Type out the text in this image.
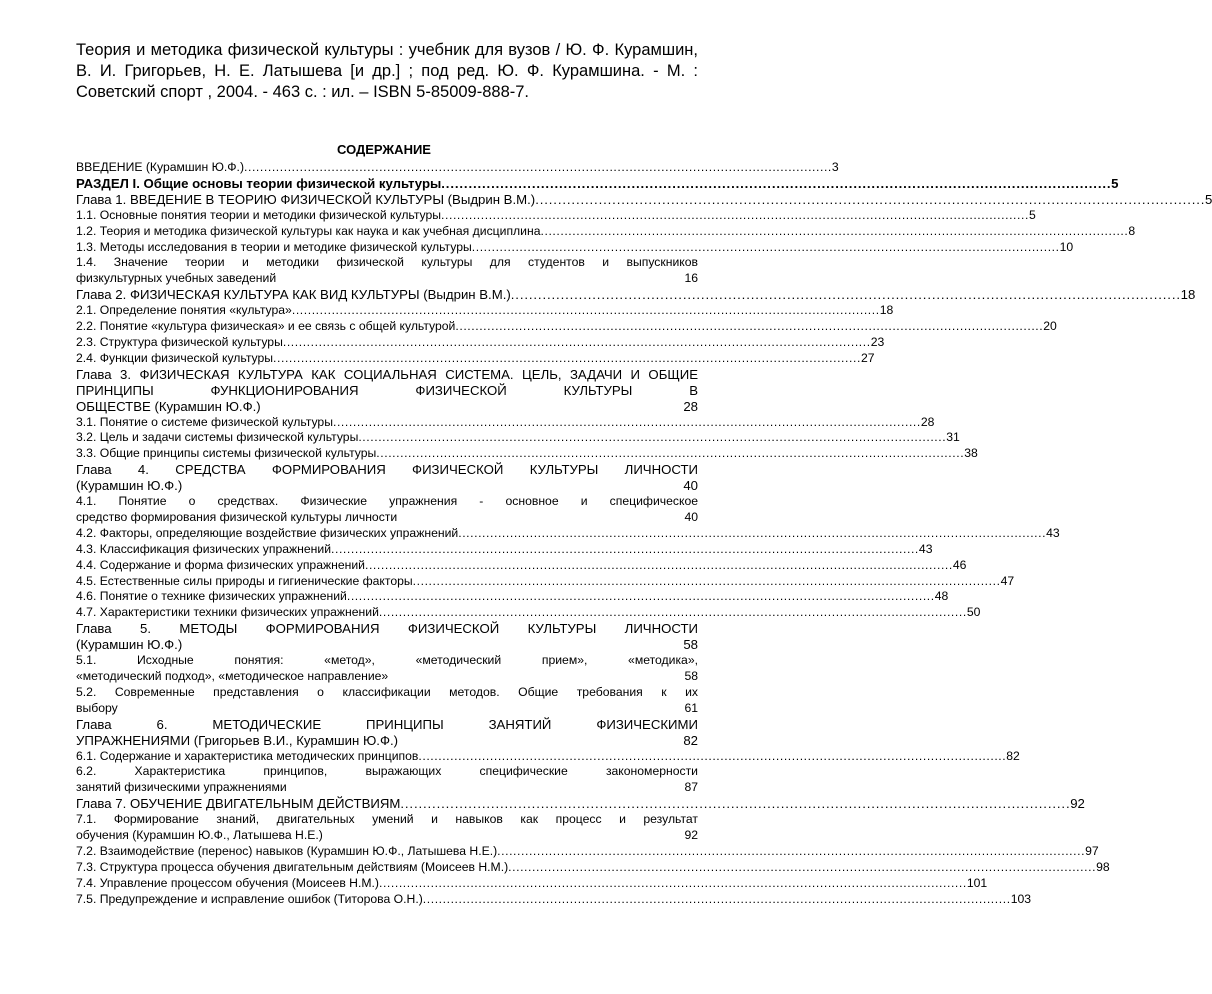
Теория и методика физической культуры : учебник для вузов / Ю. Ф. Курамшин, В. И. Григорьев, Н. Е. Латышева [и др.] ; под ред. Ю. Ф. Курамшина. - М. : Советский спорт , 2004. - 463 с. : ил. – ISBN 5-85009-888-7.

СОДЕРЖАНИЕ

ВВЕДЕНИЕ (Курамшин Ю.Ф.) . . .	3
РАЗДЕЛ I. Общие основы теории физической культуры . . .	5
Глава 1. ВВЕДЕНИЕ В ТЕОРИЮ ФИЗИЧЕСКОЙ КУЛЬТУРЫ (Выдрин В.М.) . . .	5
1.1. Основные понятия теории и методики физической культуры . . .	5
1.2. Теория и методика физической культуры как наука и как учебная дисциплина . . .	8
1.3. Методы исследования в теории и методике физической культуры . . .	10
1.4. Значение теории и методики физической культуры для студентов и выпускников
физкультурных учебных заведений	16
Глава 2. ФИЗИЧЕСКАЯ КУЛЬТУРА КАК ВИД КУЛЬТУРЫ (Выдрин В.М.) . . .	18
2.1. Определение понятия «культура» . . .	18
2.2. Понятие «культура физическая» и ее связь с общей культурой . . .	20
2.3. Структура физической культуры . . .	23
2.4. Функции физической культуры . . .	27
Глава 3. ФИЗИЧЕСКАЯ КУЛЬТУРА КАК СОЦИАЛЬНАЯ СИСТЕМА. ЦЕЛЬ, ЗАДАЧИ И ОБЩИЕ ПРИНЦИПЫ ФУНКЦИОНИРОВАНИЯ ФИЗИЧЕСКОЙ КУЛЬТУРЫ В
ОБЩЕСТВЕ (Курамшин Ю.Ф.)	28
3.1. Понятие о системе физической культуры . . .	28
3.2. Цель и задачи системы физической культуры . . .	31
3.3. Общие принципы системы физической культуры . . .	38
Глава 4. СРЕДСТВА ФОРМИРОВАНИЯ ФИЗИЧЕСКОЙ КУЛЬТУРЫ ЛИЧНОСТИ
(Курамшин Ю.Ф.)	40
4.1. Понятие о средствах. Физические упражнения - основное и специфическое
средство формирования физической культуры личности	40
4.2. Факторы, определяющие воздействие физических упражнений . . .	43
4.3. Классификация физических упражнений . . .	43
4.4. Содержание и форма физических упражнений . . .	46
4.5. Естественные силы природы и гигиенические факторы . . .	47
4.6. Понятие о технике физических упражнений . . .	48
4.7. Характеристики техники физических упражнений . . .	50
Глава 5. МЕТОДЫ ФОРМИРОВАНИЯ ФИЗИЧЕСКОЙ КУЛЬТУРЫ ЛИЧНОСТИ
(Курамшин Ю.Ф.)	58
5.1. Исходные понятия: «метод», «методический прием», «методика»,
«методический подход», «методическое направление»	58
5.2. Современные представления о классификации методов. Общие требования к их
выбору	61
Глава 6. МЕТОДИЧЕСКИЕ ПРИНЦИПЫ ЗАНЯТИЙ ФИЗИЧЕСКИМИ
УПРАЖНЕНИЯМИ (Григорьев В.И., Курамшин Ю.Ф.)	82
6.1. Содержание и характеристика методических принципов . . .	82
6.2. Характеристика принципов, выражающих специфические закономерности
занятий физическими упражнениями	87
Глава 7. ОБУЧЕНИЕ ДВИГАТЕЛЬНЫМ ДЕЙСТВИЯМ . . .	92
7.1. Формирование знаний, двигательных умений и навыков как процесс и результат
обучения (Курамшин Ю.Ф., Латышева Н.Е.)	92
7.2. Взаимодействие (перенос) навыков (Курамшин Ю.Ф., Латышева Н.Е.) . . .	97
7.3. Структура процесса обучения двигательным действиям (Моисеев Н.М.) . . .	98
7.4. Управление процессом обучения (Моисеев Н.М.) . . .	101
7.5. Предупреждение и исправление ошибок (Титорова О.Н.) . . .	103
